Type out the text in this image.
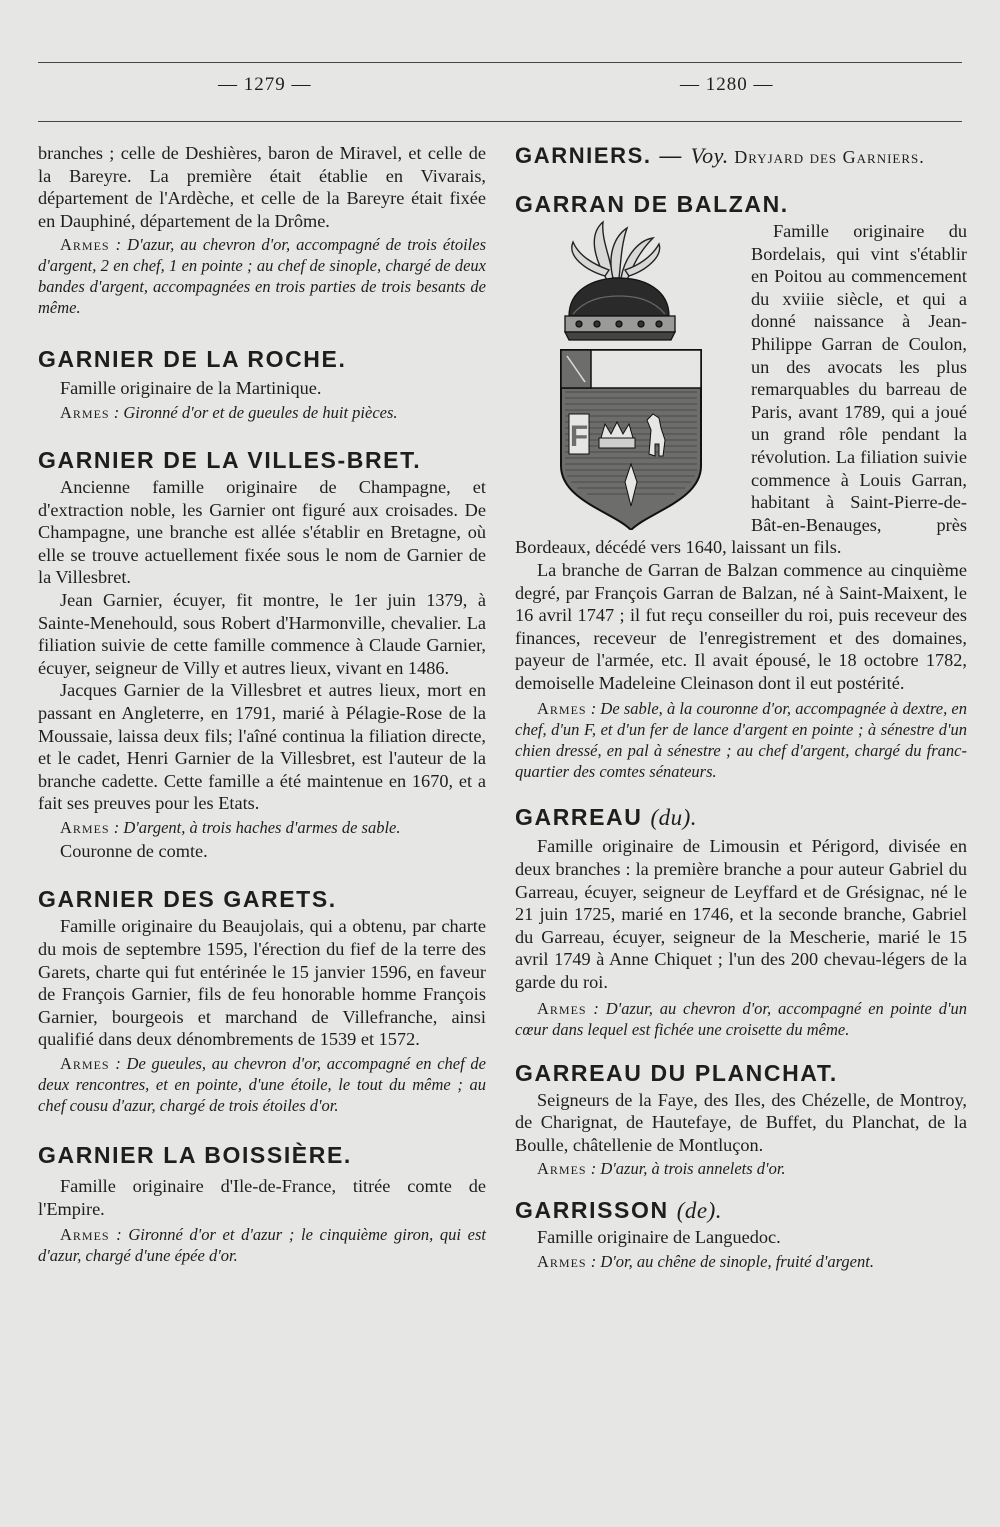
— 1279 —	— 1280 —

branches ; celle de Deshières, baron de Miravel, et celle de la Bareyre. La première était établie en Vivarais, département de l'Ardèche, et celle de la Bareyre était fixée en Dauphiné, département de la Drôme.

Armes : D'azur, au chevron d'or, accompagné de trois étoiles d'argent, 2 en chef, 1 en pointe ; au chef de sinople, chargé de deux bandes d'argent, accompagnées en trois parties de trois besants de même.

GARNIER DE LA ROCHE.

Famille originaire de la Martinique.

Armes : Gironné d'or et de gueules de huit pièces.

GARNIER DE LA VILLES-BRET.

Ancienne famille originaire de Champagne, et d'extraction noble, les Garnier ont figuré aux croisades. De Champagne, une branche est allée s'établir en Bretagne, où elle se trouve actuellement fixée sous le nom de Garnier de la Villesbret.

Jean Garnier, écuyer, fit montre, le 1er juin 1379, à Sainte-Menehould, sous Robert d'Harmonville, chevalier. La filiation suivie de cette famille commence à Claude Garnier, écuyer, seigneur de Villy et autres lieux, vivant en 1486.

Jacques Garnier de la Villesbret et autres lieux, mort en passant en Angleterre, en 1791, marié à Pélagie-Rose de la Moussaie, laissa deux fils; l'aîné continua la filiation directe, et le cadet, Henri Garnier de la Villesbret, est l'auteur de la branche cadette. Cette famille a été maintenue en 1670, et a fait ses preuves pour les Etats.

Armes : D'argent, à trois haches d'armes de sable.

Couronne de comte.

GARNIER DES GARETS.

Famille originaire du Beaujolais, qui a obtenu, par charte du mois de septembre 1595, l'érection du fief de la terre des Garets, charte qui fut entérinée le 15 janvier 1596, en faveur de François Garnier, fils de feu honorable homme François Garnier, bourgeois et marchand de Villefranche, ainsi qualifié dans deux dénombrements de 1539 et 1572.

Armes : De gueules, au chevron d'or, accompagné en chef de deux rencontres, et en pointe, d'une étoile, le tout du même ; au chef cousu d'azur, chargé de trois étoiles d'or.

GARNIER LA BOISSIÈRE.

Famille originaire d'Ile-de-France, titrée comte de l'Empire.

Armes : Gironné d'or et d'azur ; le cinquième giron, qui est d'azur, chargé d'une épée d'or.

GARNIERS. — Voy. Dryjard des Garniers.

GARRAN DE BALZAN.

F

Famille originaire du Bordelais, qui vint s'établir en Poitou au commencement du xviiie siècle, et qui a donné naissance à Jean-Philippe Garran de Coulon, un des avocats les plus remarquables du barreau de Paris, avant 1789, qui a joué un grand rôle pendant la révolution. La filiation suivie commence à Louis Garran, habitant à Saint-Pierre-de-Bât-en-Benauges, près Bordeaux, décédé vers 1640, laissant un fils.

La branche de Garran de Balzan commence au cinquième degré, par François Garran de Balzan, né à Saint-Maixent, le 16 avril 1747 ; il fut reçu conseiller du roi, puis receveur des finances, receveur de l'enregistrement et des domaines, payeur de l'armée, etc. Il avait épousé, le 18 octobre 1782, demoiselle Madeleine Cleinason dont il eut postérité.

Armes : De sable, à la couronne d'or, accompagnée à dextre, en chef, d'un F, et d'un fer de lance d'argent en pointe ; à sénestre d'un chien dressé, en pal à sénestre ; au chef d'argent, chargé du franc-quartier des comtes sénateurs.

GARREAU (du).

Famille originaire de Limousin et Périgord, divisée en deux branches : la première branche a pour auteur Gabriel du Garreau, écuyer, seigneur de Leyffard et de Grésignac, né le 21 juin 1725, marié en 1746, et la seconde branche, Gabriel du Garreau, écuyer, seigneur de la Mescherie, marié le 15 avril 1749 à Anne Chiquet ; l'un des 200 chevau-légers de la garde du roi.

Armes : D'azur, au chevron d'or, accompagné en pointe d'un cœur dans lequel est fichée une croisette du même.

GARREAU DU PLANCHAT.

Seigneurs de la Faye, des Iles, des Chézelle, de Montroy, de Charignat, de Hautefaye, de Buffet, du Planchat, de la Boulle, châtellenie de Montluçon.

Armes : D'azur, à trois annelets d'or.

GARRISSON (de).

Famille originaire de Languedoc.

Armes : D'or, au chêne de sinople, fruité d'argent.
